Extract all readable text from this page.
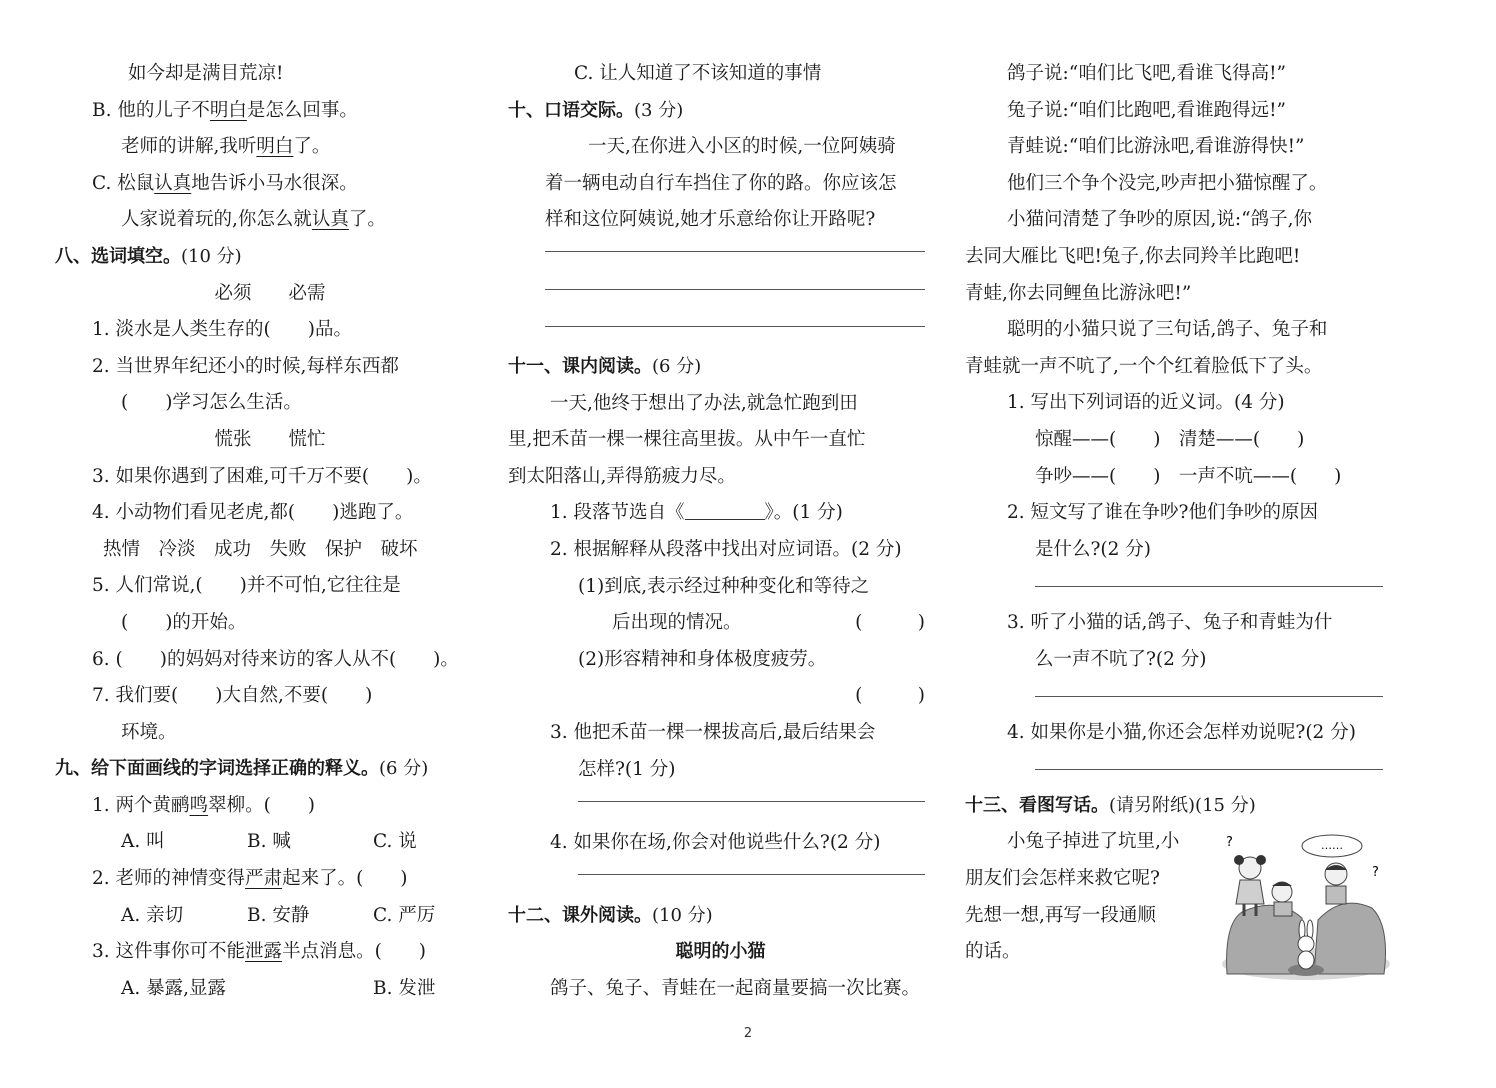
如今却是满目荒凉!
B. 他的儿子不明白是怎么回事。
老师的讲解,我听明白了。
C. 松鼠认真地告诉小马水很深。
人家说着玩的,你怎么就认真了。
八、选词填空。(10 分)
必须　　必需
1. 淡水是人类生存的(　　)品。
2. 当世界年纪还小的时候,每样东西都
(　　)学习怎么生活。
慌张　　慌忙
3. 如果你遇到了困难,可千万不要(　　)。
4. 小动物们看见老虎,都(　　)逃跑了。
热情　冷淡　成功　失败　保护　破坏
5. 人们常说,(　　)并不可怕,它往往是
(　　)的开始。
6. (　　)的妈妈对待来访的客人从不(　　)。
7. 我们要(　　)大自然,不要(　　)
环境。
九、给下面画线的字词选择正确的释义。(6 分)
1. 两个黄鹂鸣翠柳。(　　)
A. 叫	B. 喊	C. 说
2. 老师的神情变得严肃起来了。(　　)
A. 亲切	B. 安静	C. 严厉
3. 这件事你可不能泄露半点消息。(　　)
A. 暴露,显露	B. 发泄
C. 让人知道了不该知道的事情
十、口语交际。(3 分)
一天,在你进入小区的时候,一位阿姨骑
着一辆电动自行车挡住了你的路。你应该怎
样和这位阿姨说,她才乐意给你让开路呢?
十一、课内阅读。(6 分)
一天,他终于想出了办法,就急忙跑到田
里,把禾苗一棵一棵往高里拔。从中午一直忙
到太阳落山,弄得筋疲力尽。
1. 段落节选自《	》。(1 分)
2. 根据解释从段落中找出对应词语。(2 分)
(1)到底,表示经过种种变化和等待之
后出现的情况。	(　　　)
(2)形容精神和身体极度疲劳。
(　　　)
3. 他把禾苗一棵一棵拔高后,最后结果会
怎样?(1 分)
4. 如果你在场,你会对他说些什么?(2 分)
十二、课外阅读。(10 分)
聪明的小猫
鸽子、兔子、青蛙在一起商量要搞一次比赛。
鸽子说:“咱们比飞吧,看谁飞得高!”
兔子说:“咱们比跑吧,看谁跑得远!”
青蛙说:“咱们比游泳吧,看谁游得快!”
他们三个争个没完,吵声把小猫惊醒了。
小猫问清楚了争吵的原因,说:“鸽子,你
去同大雁比飞吧!兔子,你去同羚羊比跑吧!
青蛙,你去同鲤鱼比游泳吧!”
聪明的小猫只说了三句话,鸽子、兔子和
青蛙就一声不吭了,一个个红着脸低下了头。
1. 写出下列词语的近义词。(4 分)
惊醒——(　　)　清楚——(　　)
争吵——(　　)　一声不吭——(　　)
2. 短文写了谁在争吵?他们争吵的原因
是什么?(2 分)
3. 听了小猫的话,鸽子、兔子和青蛙为什
么一声不吭了?(2 分)
4. 如果你是小猫,你还会怎样劝说呢?(2 分)
十三、看图写话。(请另附纸)(15 分)
小兔子掉进了坑里,小
朋友们会怎样来救它呢?
先想一想,再写一段通顺
的话。
……
?
?
2
